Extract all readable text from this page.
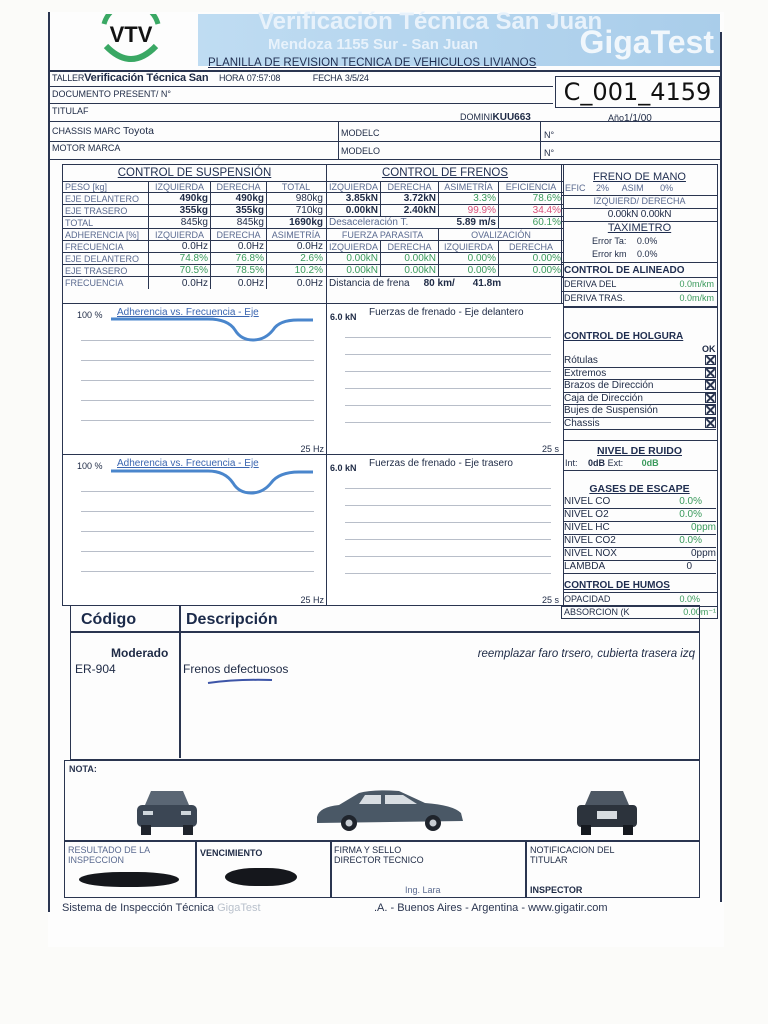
VTV	Verificación Técnica San Juan
Mendoza 1155 Sur - San Juan	GigaTest
PLANILLA DE REVISION TECNICA DE VEHICULOS LIVIANOS
TALLERVerificación Técnica San HORA 07:57:08	FECHA 3/5/24	C_001_4159
DOCUMENTO PRESENT/ N°
TITULAF
DOMINIKUU663	Año1/1/00
CHASSIS MARC Toyota	MODELC	N°
MOTOR MARCA	MODELO	N°
CONTROL DE SUSPENSIÓN
PESO [kg]	IZQUIERDA	DERECHA	TOTAL
EJE DELANTERO	490kg	490kg	980kg
EJE TRASERO	355kg	355kg	710kg
TOTAL	845kg	845kg	1690kg
ADHERENCIA [%]	IZQUIERDA	DERECHA	ASIMETRÍA
FRECUENCIA	0.0Hz	0.0Hz	0.0Hz
EJE DELANTERO	74.8%	76.8%	2.6%
EJE TRASERO	70.5%	78.5%	10.2%
FRECUENCIA	0.0Hz	0.0Hz	0.0Hz
CONTROL DE FRENOS
IZQUIERDA	DERECHA	ASIMETRÍA	EFICIENCIA
3.85kN	3.72kN	3.3%	78.6%
0.00kN	2.40kN	99.9%	34.4%
Desaceleración T.	5.89 m/s	60.1%
FUERZA PARASITA	OVALIZACIÓN
IZQUIERDA	DERECHA	IZQUIERDA	DERECHA
0.00kN	0.00kN	0.00%	0.00%
0.00kN	0.00kN	0.00%	0.00%
Distancia de frena 80 km/ 41.8m
FRENO DE MANO
EFIC 2% ASIM 0%
IZQUIERD/ DERECHA
0.00kN 0.00kN
TAXIMETRO
Error Ta: 0.0%
Error km 0.0%
CONTROL DE ALINEADO
DERIVA DEL	0.0m/km
DERIVA TRAS.	0.0m/km
CONTROL DE HOLGURA
OK
Rótulas
Extremos
Brazos de Dirección
Caja de Dirección
Bujes de Suspensión
Chassis
NIVEL DE RUIDO
Int: 0dB Ext: 0dB
GASES DE ESCAPE
NIVEL CO	0.0%
NIVEL O2	0.0%
NIVEL HC	0ppm
NIVEL CO2	0.0%
NIVEL NOX	0ppm
LAMBDA	0
CONTROL DE HUMOS
OPACIDAD	0.0%
ABSORCION (K	0.00m⁻¹
100 % Adherencia vs. Frecuencia - Eje
25 Hz
6.0 kN Fuerzas de frenado - Eje delantero
25 s
100 % Adherencia vs. Frecuencia - Eje
25 Hz
6.0 kN Fuerzas de frenado - Eje trasero
25 s
Código	Descripción
Moderado
ER-904	Frenos defectuosos
reemplazar faro trsero, cubierta trasera izq
NOTA:
RESULTADO DE LA INSPECCION
VENCIMIENTO	FIRMA Y SELLO DIRECTOR TECNICO
Ing. Lara
NOTIFICACION DEL TITULAR
INSPECTOR
Sistema de Inspección Técnica GigaTest	.A. - Buenos Aires - Argentina - www.gigatir.com
